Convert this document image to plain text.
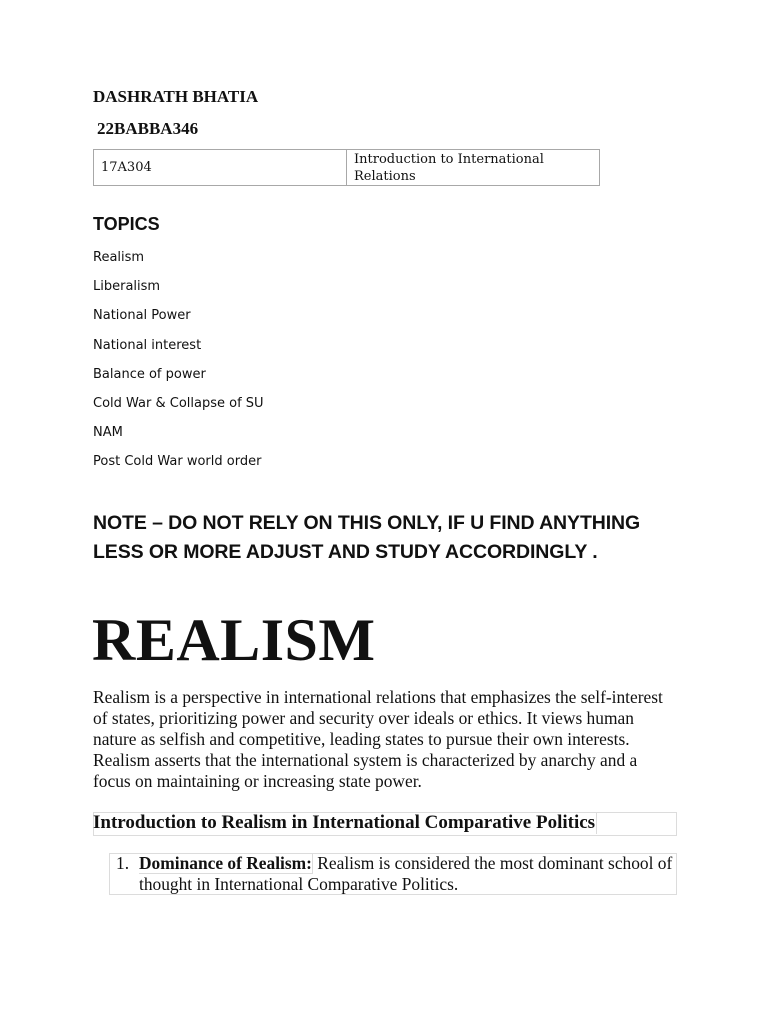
DASHRATH BHATIA
22BABBA346
17A304	Introduction to International Relations
TOPICS
Realism
Liberalism
National Power
National interest
Balance of power
Cold War & Collapse of SU
NAM
Post Cold War world order
NOTE – DO NOT RELY ON THIS ONLY, IF U FIND ANYTHING LESS OR MORE ADJUST AND STUDY ACCORDINGLY .
REALISM
Realism is a perspective in international relations that emphasizes the self-interest of states, prioritizing power and security over ideals or ethics. It views human nature as selfish and competitive, leading states to pursue their own interests. Realism asserts that the international system is characterized by anarchy and a focus on maintaining or increasing state power.
Introduction to Realism in International Comparative Politics
1. Dominance of Realism: Realism is considered the most dominant school of thought in International Comparative Politics.
